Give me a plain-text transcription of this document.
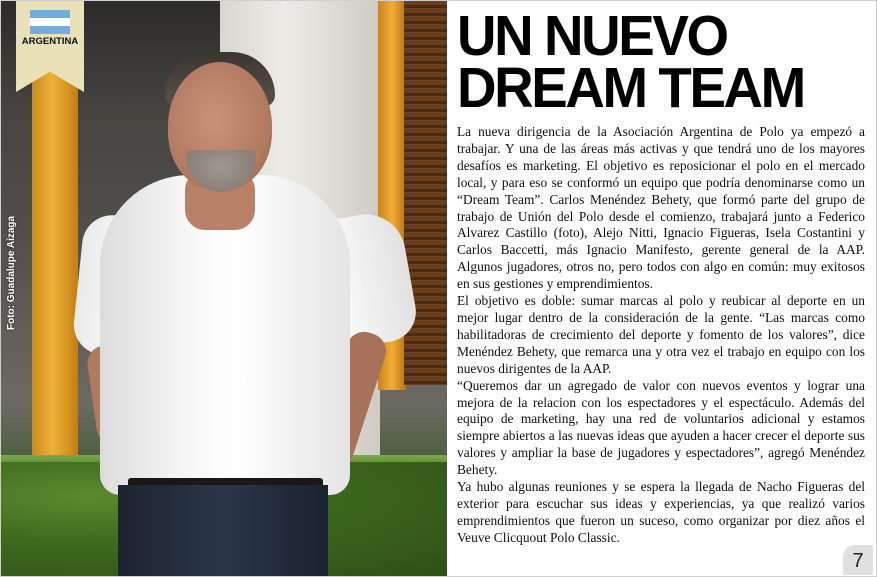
ARGENTINA
Foto: Guadalupe Aizaga
UN NUEVO
DREAM TEAM

La nueva dirigencia de la Asociación Argentina de Polo ya empezó a trabajar. Y una de las áreas más activas y que tendrá uno de los mayores desafíos es marketing. El objetivo es reposicionar el polo en el mercado local, y para eso se conformó un equipo que podría denominarse como un “Dream Team”. Carlos Menéndez Behety, que formó parte del grupo de trabajo de Unión del Polo desde el comienzo, trabajará junto a Federico Alvarez Castillo (foto), Alejo Nitti, Ignacio Figueras, Isela Costantini y Carlos Baccetti, más Ignacio Manifesto, gerente general de la AAP. Algunos jugadores, otros no, pero todos con algo en común: muy exitosos en sus gestiones y emprendimientos.

El objetivo es doble: sumar marcas al polo y reubicar al deporte en un mejor lugar dentro de la consideración de la gente. “Las marcas como habilitadoras de crecimiento del deporte y fomento de los valores”, dice Menéndez Behety, que remarca una y otra vez el trabajo en equipo con los nuevos dirigentes de la AAP.

“Queremos dar un agregado de valor con nuevos eventos y lograr una mejora de la relacion con los espectadores y el espectáculo. Además del equipo de marketing, hay una red de voluntarios adicional y estamos siempre abiertos a las nuevas ideas que ayuden a hacer crecer el deporte sus valores y ampliar la base de jugadores y espectadores”, agregó Menéndez Behety.

Ya hubo algunas reuniones y se espera la llegada de Nacho Figueras del exterior para escuchar sus ideas y experiencias, ya que realizó varios emprendimientos que fueron un suceso, como organizar por diez años el Veuve Clicquout Polo Classic.

7
